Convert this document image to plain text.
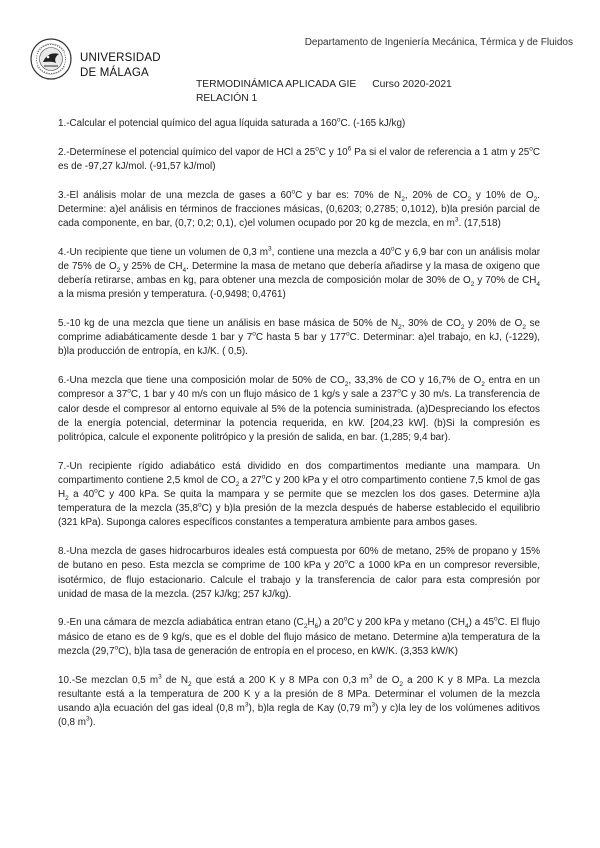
UNIVERSIDAD
DE MÁLAGA
Departamento de Ingeniería Mecánica, Térmica y de Fluidos
TERMODINÁMICA APLICADA GIE Curso 2020-2021
RELACIÓN 1
1.-Calcular el potencial químico del agua líquida saturada a 160$^o$C. (-165 kJ/kg)
2.-Determínese el potencial químico del vapor de HCl a 25$^o$C y $10^6$ Pa si el valor de referencia a 1 atm y 25$^o$C es de -97,27 kJ/mol. (-91,57 kJ/mol)
3.-El análisis molar de una mezcla de gases a 60$^o$C y bar es: 70% de $N_2$, 20% de $CO_2$ y 10% de $O_2$. Determine: a)el análisis en términos de fracciones másicas, (0,6203; 0,2785; 0,1012), b)la presión parcial de cada componente, en bar, (0,7; 0,2; 0,1), c)el volumen ocupado por 20 kg de mezcla, en $m^3$. (17,518)
4.-Un recipiente que tiene un volumen de 0,3 $m^3$, contiene una mezcla a 40$^o$C y 6,9 bar con un análisis molar de 75% de $O_2$ y 25% de $CH_4$. Determine la masa de metano que debería añadirse y la masa de oxigeno que debería retirarse, ambas en kg, para obtener una mezcla de composición molar de 30% de $O_2$ y 70% de $CH_4$ a la misma presión y temperatura. (-0,9498; 0,4761)
5.-10 kg de una mezcla que tiene un análisis en base másica de 50% de $N_2$, 30% de $CO_2$ y 20% de $O_2$ se comprime adiabáticamente desde 1 bar y 7$^o$C hasta 5 bar y 177$^o$C. Determinar: a)el trabajo, en kJ, (-1229), b)la producción de entropía, en kJ/K. ( 0,5).
6.-Una mezcla que tiene una composición molar de 50% de $CO_2$, 33,3% de CO y 16,7% de $O_2$ entra en un compresor a 37$^o$C, 1 bar y 40 m/s con un flujo másico de 1 kg/s y sale a 237$^o$C y 30 m/s. La transferencia de calor desde el compresor al entorno equivale al 5% de la potencia suministrada. (a)Despreciando los efectos de la energía potencial, determinar la potencia requerida, en kW. [204,23 kW]. (b)Si la compresión es politrópica, calcule el exponente politrópico y la presión de salida, en bar. (1,285; 9,4 bar).
7.-Un recipiente rígido adiabático está dividido en dos compartimentos mediante una mampara. Un compartimento contiene 2,5 kmol de $CO_2$ a 27$^o$C y 200 kPa y el otro compartimento contiene 7,5 kmol de gas $H_2$ a 40$^o$C y 400 kPa. Se quita la mampara y se permite que se mezclen los dos gases. Determine a)la temperatura de la mezcla (35,8$^o$C) y b)la presión de la mezcla después de haberse establecido el equilibrio (321 kPa). Suponga calores específicos constantes a temperatura ambiente para ambos gases.
8.-Una mezcla de gases hidrocarburos ideales está compuesta por 60% de metano, 25% de propano y 15% de butano en peso. Esta mezcla se comprime de 100 kPa y 20$^o$C a 1000 kPa en un compresor reversible, isotérmico, de flujo estacionario. Calcule el trabajo y la transferencia de calor para esta compresión por unidad de masa de la mezcla. (257 kJ/kg; 257 kJ/kg).
9.-En una cámara de mezcla adiabática entran etano $(C_2H_6)$ a 20$^o$C y 200 kPa y metano $(CH_4)$ a 45$^o$C. El flujo másico de etano es de 9 kg/s, que es el doble del flujo másico de metano. Determine a)la temperatura de la mezcla (29,7$^o$C), b)la tasa de generación de entropía en el proceso, en kW/K. (3,353 kW/K)
10.-Se mezclan 0,5 $m^3$ de $N_2$ que está a 200 K y 8 MPa con 0,3 $m^3$ de $O_2$ a 200 K y 8 MPa. La mezcla resultante está a la temperatura de 200 K y a la presión de 8 MPa. Determinar el volumen de la mezcla usando a)la ecuación del gas ideal (0,8 $m^3$), b)la regla de Kay (0,79 $m^3$) y c)la ley de los volúmenes aditivos (0,8 $m^3$).
